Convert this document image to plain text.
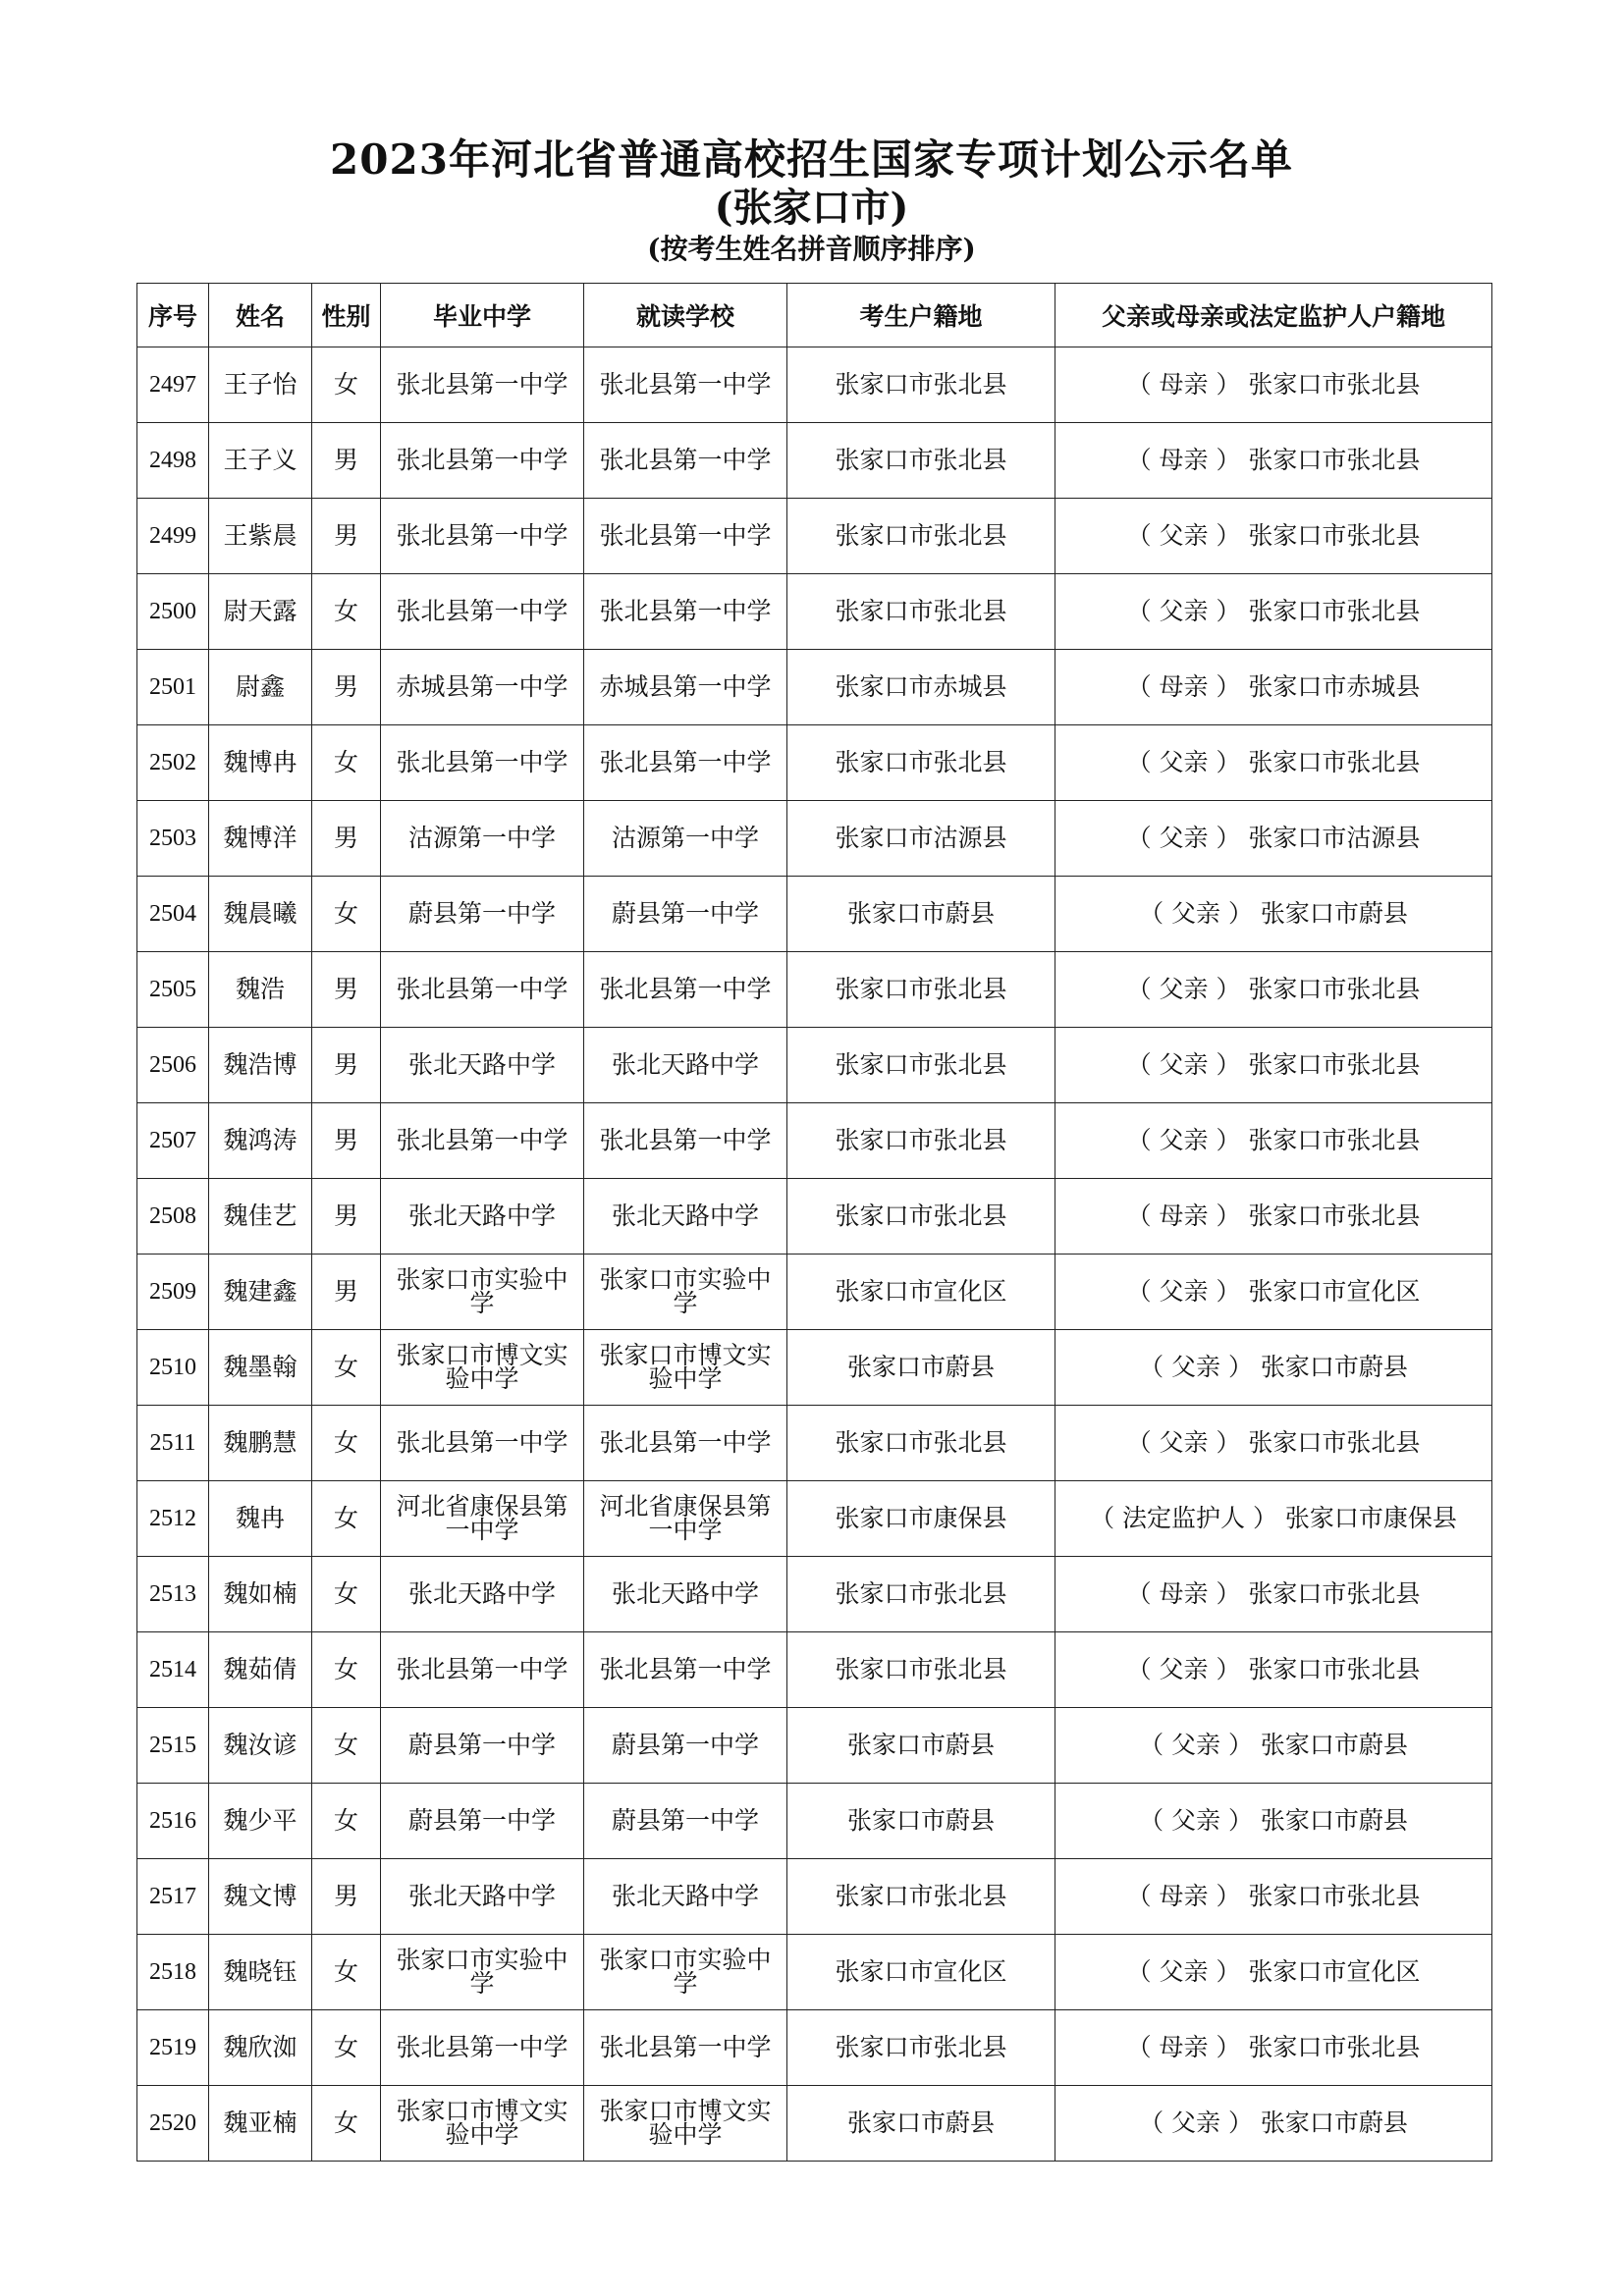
2023年河北省普通高校招生国家专项计划公示名单
(张家口市)
(按考生姓名拼音顺序排序)
序号	姓名	性别	毕业中学	就读学校	考生户籍地	父亲或母亲或法定监护人户籍地
2497	王子怡	女	张北县第一中学	张北县第一中学	张家口市张北县	（ 母亲 ） 张家口市张北县
2498	王子义	男	张北县第一中学	张北县第一中学	张家口市张北县	（ 母亲 ） 张家口市张北县
2499	王紫晨	男	张北县第一中学	张北县第一中学	张家口市张北县	（ 父亲 ） 张家口市张北县
2500	尉天露	女	张北县第一中学	张北县第一中学	张家口市张北县	（ 父亲 ） 张家口市张北县
2501	尉鑫	男	赤城县第一中学	赤城县第一中学	张家口市赤城县	（ 母亲 ） 张家口市赤城县
2502	魏博冉	女	张北县第一中学	张北县第一中学	张家口市张北县	（ 父亲 ） 张家口市张北县
2503	魏博洋	男	沽源第一中学	沽源第一中学	张家口市沽源县	（ 父亲 ） 张家口市沽源县
2504	魏晨曦	女	蔚县第一中学	蔚县第一中学	张家口市蔚县	（ 父亲 ） 张家口市蔚县
2505	魏浩	男	张北县第一中学	张北县第一中学	张家口市张北县	（ 父亲 ） 张家口市张北县
2506	魏浩博	男	张北天路中学	张北天路中学	张家口市张北县	（ 父亲 ） 张家口市张北县
2507	魏鸿涛	男	张北县第一中学	张北县第一中学	张家口市张北县	（ 父亲 ） 张家口市张北县
2508	魏佳艺	男	张北天路中学	张北天路中学	张家口市张北县	（ 母亲 ） 张家口市张北县
2509	魏建鑫	男	张家口市实验中学	张家口市实验中学	张家口市宣化区	（ 父亲 ） 张家口市宣化区
2510	魏墨翰	女	张家口市博文实验中学	张家口市博文实验中学	张家口市蔚县	（ 父亲 ） 张家口市蔚县
2511	魏鹏慧	女	张北县第一中学	张北县第一中学	张家口市张北县	（ 父亲 ） 张家口市张北县
2512	魏冉	女	河北省康保县第一中学	河北省康保县第一中学	张家口市康保县	（ 法定监护人 ） 张家口市康保县
2513	魏如楠	女	张北天路中学	张北天路中学	张家口市张北县	（ 母亲 ） 张家口市张北县
2514	魏茹倩	女	张北县第一中学	张北县第一中学	张家口市张北县	（ 父亲 ） 张家口市张北县
2515	魏汝谚	女	蔚县第一中学	蔚县第一中学	张家口市蔚县	（ 父亲 ） 张家口市蔚县
2516	魏少平	女	蔚县第一中学	蔚县第一中学	张家口市蔚县	（ 父亲 ） 张家口市蔚县
2517	魏文博	男	张北天路中学	张北天路中学	张家口市张北县	（ 母亲 ） 张家口市张北县
2518	魏晓钰	女	张家口市实验中学	张家口市实验中学	张家口市宣化区	（ 父亲 ） 张家口市宣化区
2519	魏欣洳	女	张北县第一中学	张北县第一中学	张家口市张北县	（ 母亲 ） 张家口市张北县
2520	魏亚楠	女	张家口市博文实验中学	张家口市博文实验中学	张家口市蔚县	（ 父亲 ） 张家口市蔚县
